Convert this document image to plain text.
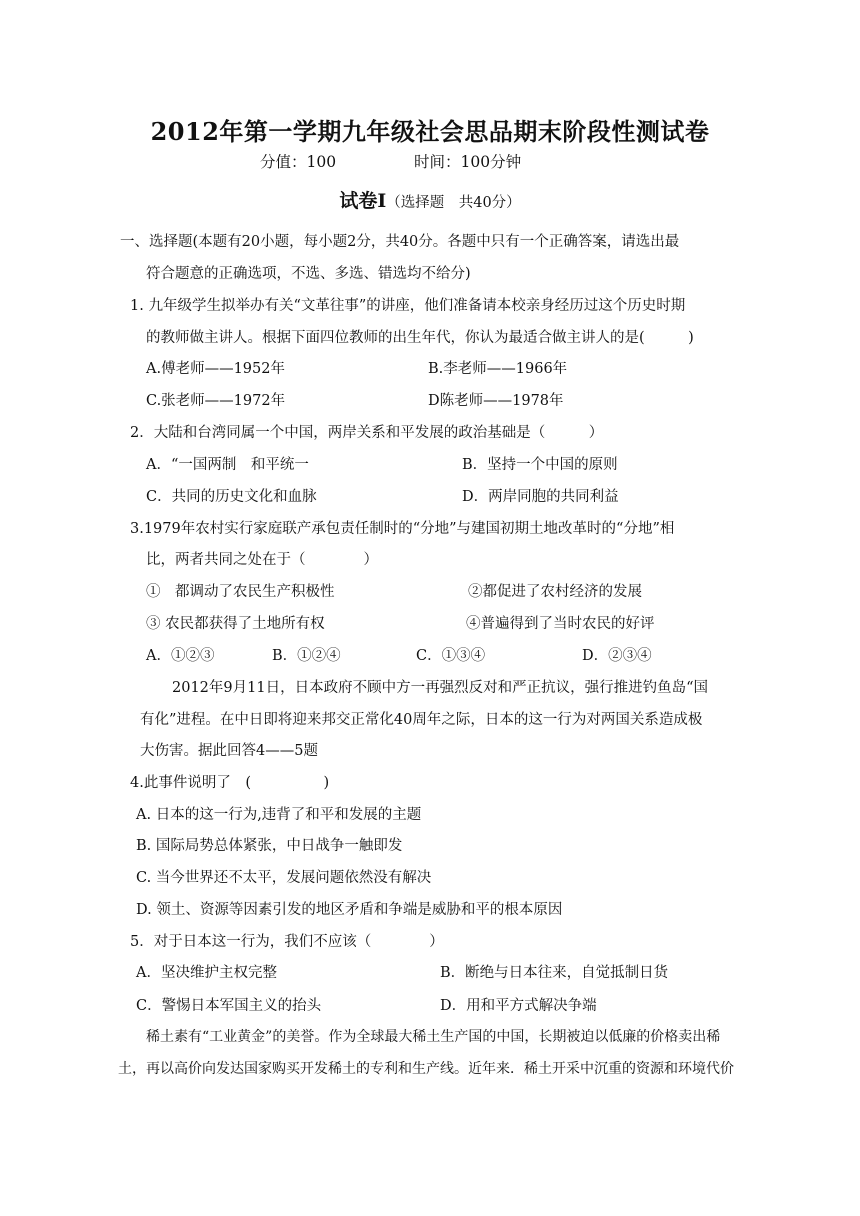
2012年第一学期九年级社会思品期末阶段性测试卷
分值：100	时间：100分钟
试卷Ⅰ（选择题　共40分）
一、选择题(本题有20小题，每小题2分，共40分。各题中只有一个正确答案，请选出最
符合题意的正确选项，不选、多选、错选均不给分)
1. 九年级学生拟举办有关“文革往事”的讲座，他们准备请本校亲身经历过这个历史时期
的教师做主讲人。根据下面四位教师的出生年代，你认为最适合做主讲人的是(　　　)
A.傅老师——1952年	B.李老师——1966年
C.张老师——1972年	D陈老师——1978年
2．大陆和台湾同属一个中国，两岸关系和平发展的政治基础是（　　　）
A．“一国两制　和平统一	B．坚持一个中国的原则
C．共同的历史文化和血脉	D．两岸同胞的共同利益
3.1979年农村实行家庭联产承包责任制时的“分地”与建国初期土地改革时的“分地”相
比，两者共同之处在于（　　　　）
①　都调动了农民生产积极性	②都促进了农村经济的发展
③ 农民都获得了土地所有权	④普遍得到了当时农民的好评
A．①②③	B．①②④	C．①③④	D．②③④
2012年9月11日，日本政府不顾中方一再强烈反对和严正抗议，强行推进钓鱼岛“国
有化”进程。在中日即将迎来邦交正常化40周年之际，日本的这一行为对两国关系造成极
大伤害。据此回答4——5题
4.此事件说明了　(　　　　　)
A. 日本的这一行为,违背了和平和发展的主题
B. 国际局势总体紧张，中日战争一触即发
C. 当今世界还不太平，发展问题依然没有解决
D. 领土、资源等因素引发的地区矛盾和争端是威胁和平的根本原因
5．对于日本这一行为，我们不应该（　　　　）
A．坚决维护主权完整	B．断绝与日本往来，自觉抵制日货
C．警惕日本军国主义的抬头	D．用和平方式解决争端
稀土素有“工业黄金”的美誉。作为全球最大稀土生产国的中国，长期被迫以低廉的价格卖出稀
土，再以高价向发达国家购买开发稀土的专利和生产线。近年来．稀土开采中沉重的资源和环境代价
